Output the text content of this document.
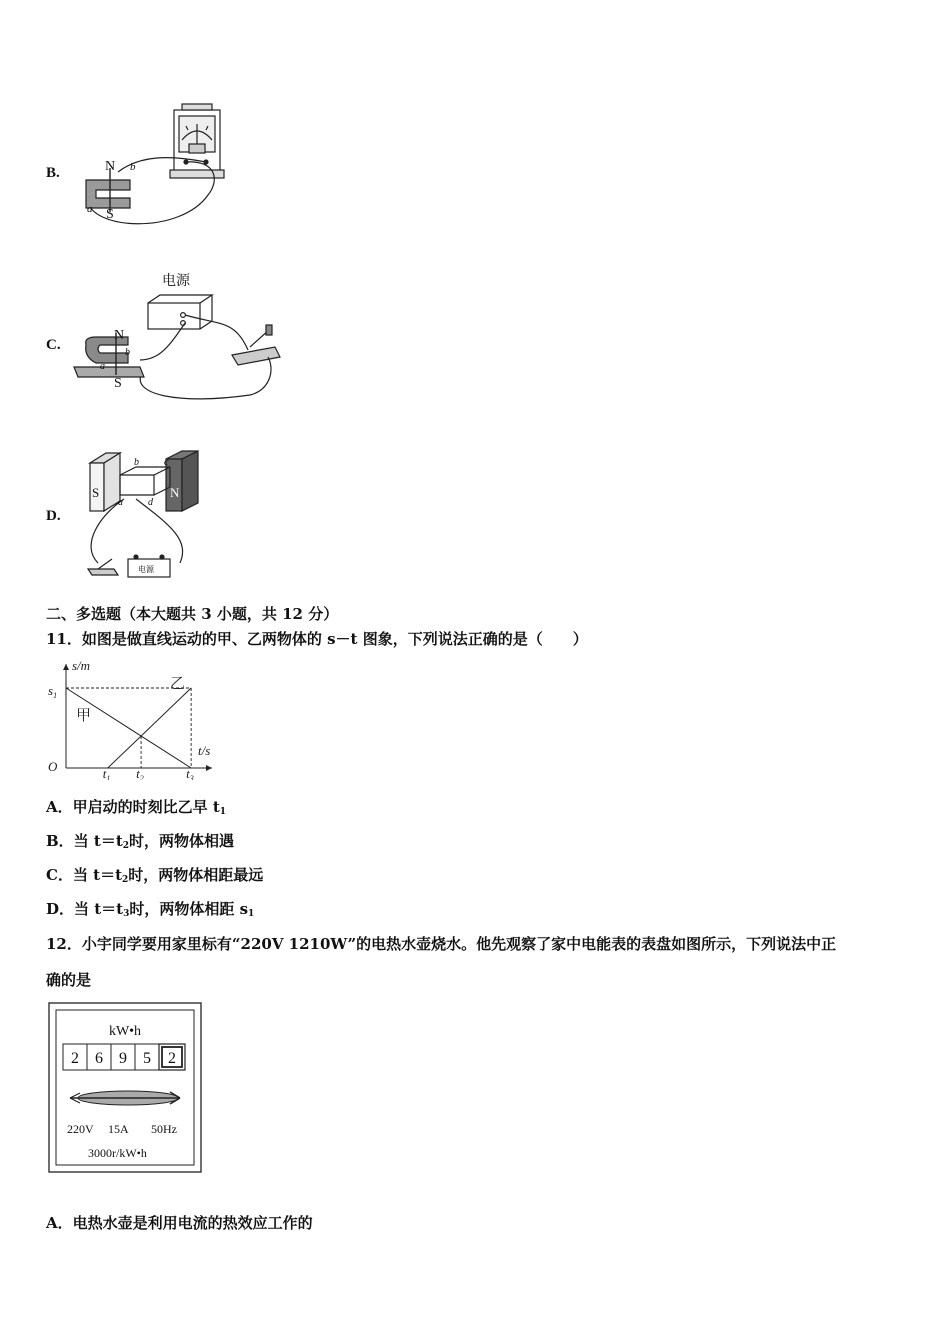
B.	N
S
b
a
C.
电源
N
S
b
a
D.
S	N
b	c
a	d
电源
二、多选题（本大题共 3 小题，共 12 分）
11．如图是做直线运动的甲、乙两物体的 s－t 图象，下列说法正确的是（　　）
s/m
t/s
O
$s_1$
$t_1$ $t_2$	$t_3$
甲
乙
A．甲启动的时刻比乙早 $t_1$
B．当 $t=t_2$时，两物体相遇
C．当 $t=t_2$时，两物体相距最远
D．当 $t=t_3$时，两物体相距 $s_1$
12．小宇同学要用家里标有“220V 1210W”的电热水壶烧水。他先观察了家中电能表的表盘如图所示，下列说法中正
确的是
kW•h
2 6 9 5 2
220V 15A 50Hz
3000r/kW•h
A．电热水壶是利用电流的热效应工作的
